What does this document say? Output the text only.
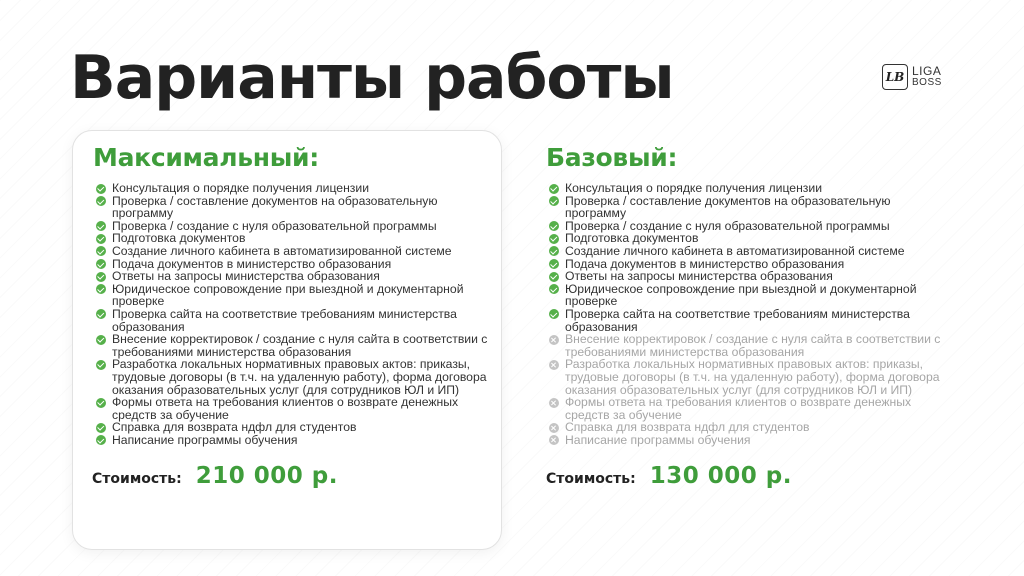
Варианты работы	LB LIGA
BOSS
Максимальный:
Консультация о порядке получения лицензии
Проверка / составление документов на образовательную программу
Проверка / создание с нуля образовательной программы
Подготовка документов
Создание личного кабинета в автоматизированной системе
Подача документов в министерство образования
Ответы на запросы министерства образования
Юридическое сопровождение при выездной и документарной проверке
Проверка сайта на соответствие требованиям министерства образования
Внесение корректировок / создание с нуля сайта в соответствии с требованиями министерства образования
Разработка локальных нормативных правовых актов: приказы, трудовые договоры (в т.ч. на удаленную работу), форма договора оказания образовательных услуг (для сотрудников ЮЛ и ИП)
Формы ответа на требования клиентов о возврате денежных средств за обучение
Справка для возврата ндфл для студентов
Написание программы обучения
Стоимость: 210 000 р.
Базовый:
Консультация о порядке получения лицензии
Проверка / составление документов на образовательную программу
Проверка / создание с нуля образовательной программы
Подготовка документов
Создание личного кабинета в автоматизированной системе
Подача документов в министерство образования
Ответы на запросы министерства образования
Юридическое сопровождение при выездной и документарной проверке
Проверка сайта на соответствие требованиям министерства образования
Внесение корректировок / создание с нуля сайта в соответствии с требованиями министерства образования
Разработка локальных нормативных правовых актов: приказы, трудовые договоры (в т.ч. на удаленную работу), форма договора оказания образовательных услуг (для сотрудников ЮЛ и ИП)
Формы ответа на требования клиентов о возврате денежных средств за обучение
Справка для возврата ндфл для студентов
Написание программы обучения
Стоимость: 130 000 р.
